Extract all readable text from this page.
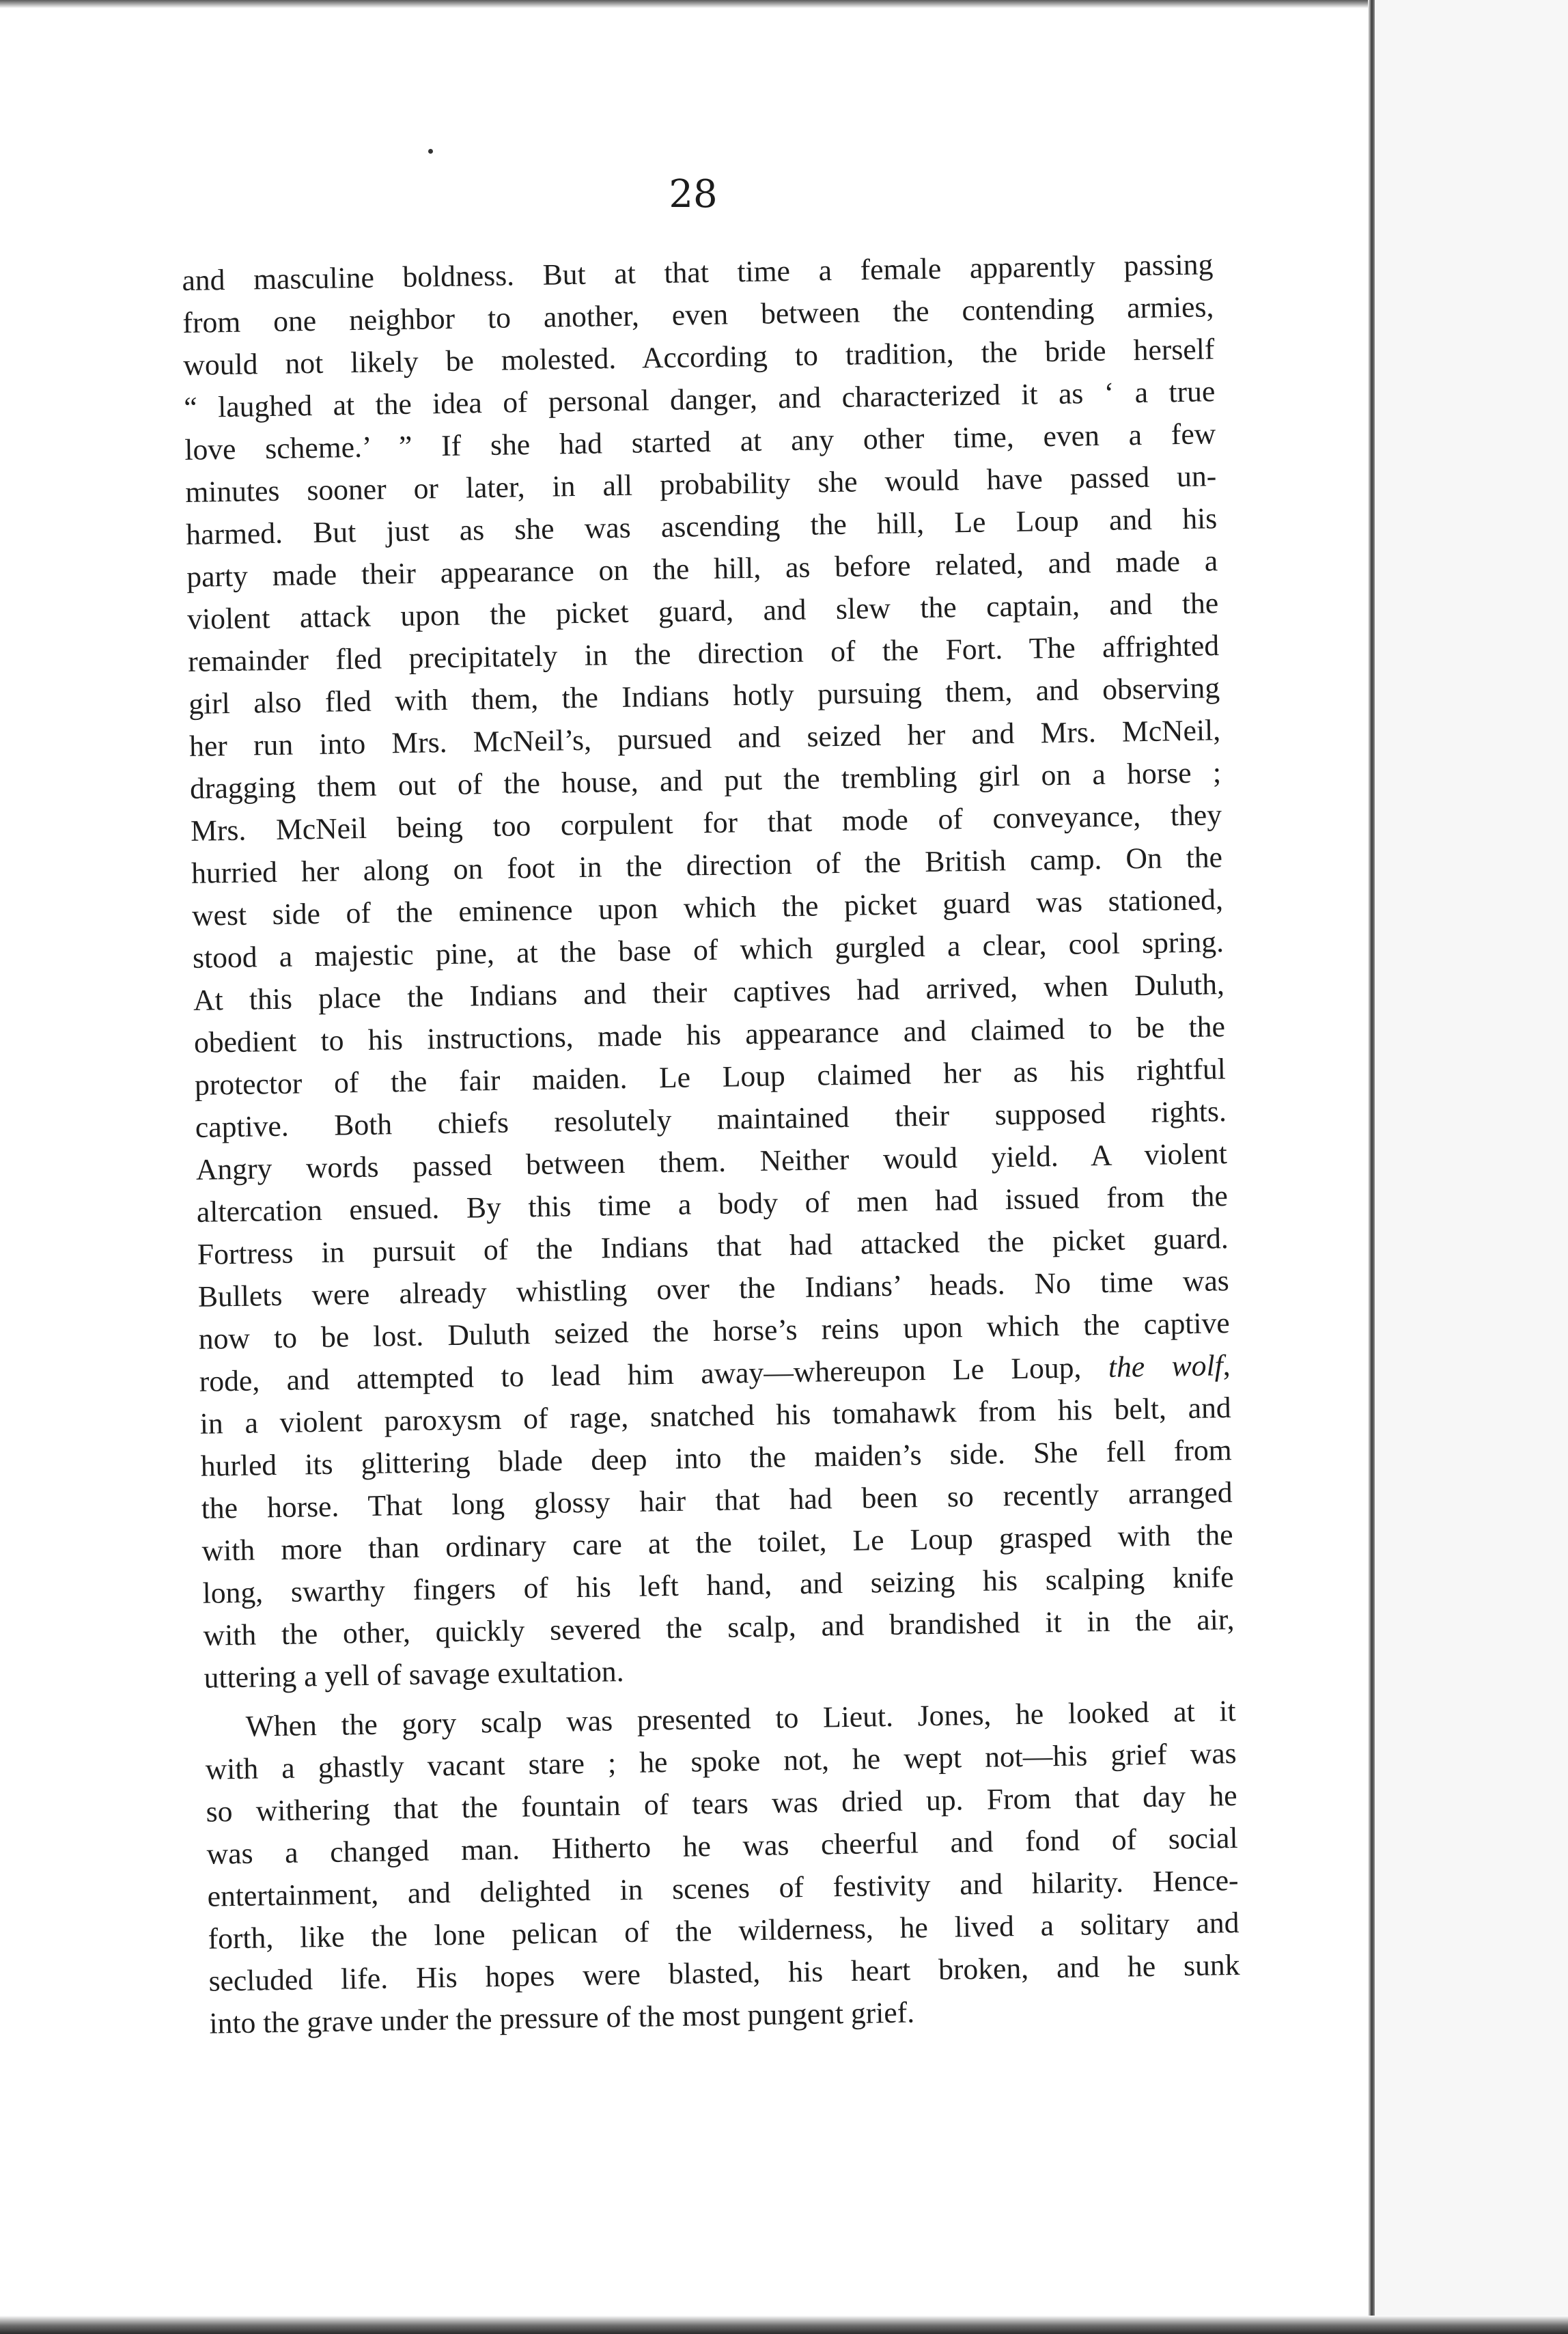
28
and masculine boldness. But at that time a female apparently passing
from one neighbor to another, even between the contending armies,
would not likely be molested. According to tradition, the bride herself
“ laughed at the idea of personal danger, and characterized it as ‘ a true
love scheme.’ ” If she had started at any other time, even a few
minutes sooner or later, in all probability she would have passed un-
harmed. But just as she was ascending the hill, Le Loup and his
party made their appearance on the hill, as before related, and made a
violent attack upon the picket guard, and slew the captain, and the
remainder fled precipitately in the direction of the Fort. The affrighted
girl also fled with them, the Indians hotly pursuing them, and observing
her run into Mrs. McNeil’s, pursued and seized her and Mrs. McNeil,
dragging them out of the house, and put the trembling girl on a horse ;
Mrs. McNeil being too corpulent for that mode of conveyance, they
hurried her along on foot in the direction of the British camp. On the
west side of the eminence upon which the picket guard was stationed,
stood a majestic pine, at the base of which gurgled a clear, cool spring.
At this place the Indians and their captives had arrived, when Duluth,
obedient to his instructions, made his appearance and claimed to be the
protector of the fair maiden. Le Loup claimed her as his rightful
captive. Both chiefs resolutely maintained their supposed rights.
Angry words passed between them. Neither would yield. A violent
altercation ensued. By this time a body of men had issued from the
Fortress in pursuit of the Indians that had attacked the picket guard.
Bullets were already whistling over the Indians’ heads. No time was
now to be lost. Duluth seized the horse’s reins upon which the captive
rode, and attempted to lead him away—whereupon Le Loup, the wolf,
in a violent paroxysm of rage, snatched his tomahawk from his belt, and
hurled its glittering blade deep into the maiden’s side. She fell from
the horse. That long glossy hair that had been so recently arranged
with more than ordinary care at the toilet, Le Loup grasped with the
long, swarthy fingers of his left hand, and seizing his scalping knife
with the other, quickly severed the scalp, and brandished it in the air,
uttering a yell of savage exultation.
When the gory scalp was presented to Lieut. Jones, he looked at it
with a ghastly vacant stare ; he spoke not, he wept not—his grief was
so withering that the fountain of tears was dried up. From that day he
was a changed man. Hitherto he was cheerful and fond of social
entertainment, and delighted in scenes of festivity and hilarity. Hence-
forth, like the lone pelican of the wilderness, he lived a solitary and
secluded life. His hopes were blasted, his heart broken, and he sunk
into the grave under the pressure of the most pungent grief.
